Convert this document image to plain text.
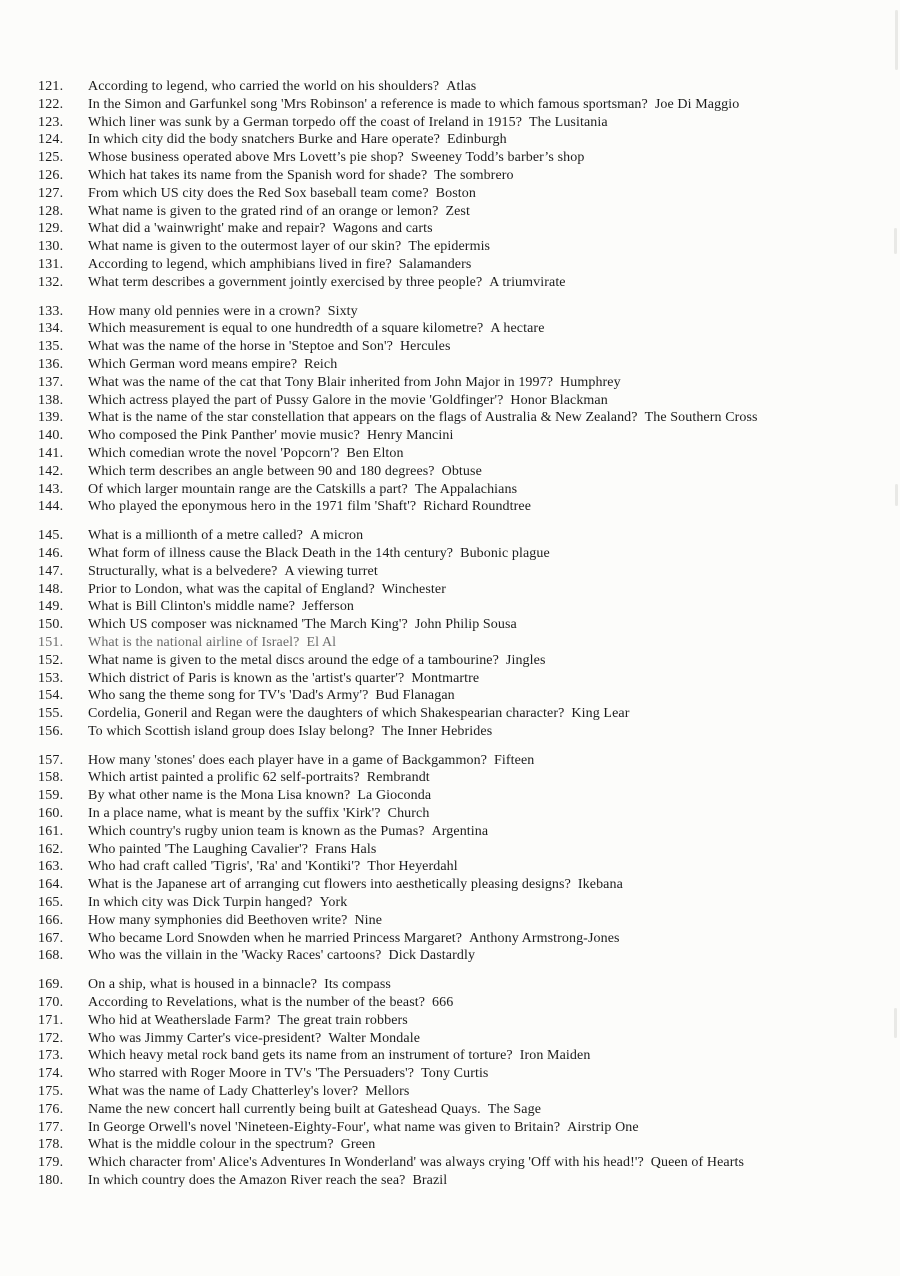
121.	According to legend, who carried the world on his shoulders? Atlas
122.	In the Simon and Garfunkel song 'Mrs Robinson' a reference is made to which famous sportsman? Joe Di Maggio
123.	Which liner was sunk by a German torpedo off the coast of Ireland in 1915? The Lusitania
124.	In which city did the body snatchers Burke and Hare operate? Edinburgh
125.	Whose business operated above Mrs Lovett’s pie shop? Sweeney Todd’s barber’s shop
126.	Which hat takes its name from the Spanish word for shade? The sombrero
127.	From which US city does the Red Sox baseball team come? Boston
128.	What name is given to the grated rind of an orange or lemon? Zest
129.	What did a 'wainwright' make and repair? Wagons and carts
130.	What name is given to the outermost layer of our skin? The epidermis
131.	According to legend, which amphibians lived in fire? Salamanders
132.	What term describes a government jointly exercised by three people? A triumvirate
133.	How many old pennies were in a crown? Sixty
134.	Which measurement is equal to one hundredth of a square kilometre? A hectare
135.	What was the name of the horse in 'Steptoe and Son'? Hercules
136.	Which German word means empire? Reich
137.	What was the name of the cat that Tony Blair inherited from John Major in 1997? Humphrey
138.	Which actress played the part of Pussy Galore in the movie 'Goldfinger'? Honor Blackman
139.	What is the name of the star constellation that appears on the flags of Australia & New Zealand? The Southern Cross
140.	Who composed the Pink Panther' movie music? Henry Mancini
141.	Which comedian wrote the novel 'Popcorn'? Ben Elton
142.	Which term describes an angle between 90 and 180 degrees? Obtuse
143.	Of which larger mountain range are the Catskills a part? The Appalachians
144.	Who played the eponymous hero in the 1971 film 'Shaft'? Richard Roundtree
145.	What is a millionth of a metre called? A micron
146.	What form of illness cause the Black Death in the 14th century? Bubonic plague
147.	Structurally, what is a belvedere? A viewing turret
148.	Prior to London, what was the capital of England? Winchester
149.	What is Bill Clinton's middle name? Jefferson
150.	Which US composer was nicknamed 'The March King'? John Philip Sousa
151.	What is the national airline of Israel? El Al
152.	What name is given to the metal discs around the edge of a tambourine? Jingles
153.	Which district of Paris is known as the 'artist's quarter'? Montmartre
154.	Who sang the theme song for TV's 'Dad's Army'? Bud Flanagan
155.	Cordelia, Goneril and Regan were the daughters of which Shakespearian character? King Lear
156.	To which Scottish island group does Islay belong? The Inner Hebrides
157.	How many 'stones' does each player have in a game of Backgammon? Fifteen
158.	Which artist painted a prolific 62 self-portraits? Rembrandt
159.	By what other name is the Mona Lisa known? La Gioconda
160.	In a place name, what is meant by the suffix 'Kirk'? Church
161.	Which country's rugby union team is known as the Pumas? Argentina
162.	Who painted 'The Laughing Cavalier'? Frans Hals
163.	Who had craft called 'Tigris', 'Ra' and 'Kontiki'? Thor Heyerdahl
164.	What is the Japanese art of arranging cut flowers into aesthetically pleasing designs? Ikebana
165.	In which city was Dick Turpin hanged? York
166.	How many symphonies did Beethoven write? Nine
167.	Who became Lord Snowden when he married Princess Margaret? Anthony Armstrong-Jones
168.	Who was the villain in the 'Wacky Races' cartoons? Dick Dastardly
169.	On a ship, what is housed in a binnacle? Its compass
170.	According to Revelations, what is the number of the beast? 666
171.	Who hid at Weatherslade Farm? The great train robbers
172.	Who was Jimmy Carter's vice-president? Walter Mondale
173.	Which heavy metal rock band gets its name from an instrument of torture? Iron Maiden
174.	Who starred with Roger Moore in TV's 'The Persuaders'? Tony Curtis
175.	What was the name of Lady Chatterley's lover? Mellors
176.	Name the new concert hall currently being built at Gateshead Quays. The Sage
177.	In George Orwell's novel 'Nineteen-Eighty-Four', what name was given to Britain? Airstrip One
178.	What is the middle colour in the spectrum? Green
179.	Which character from' Alice's Adventures In Wonderland' was always crying 'Off with his head!'? Queen of Hearts
180.	In which country does the Amazon River reach the sea? Brazil
